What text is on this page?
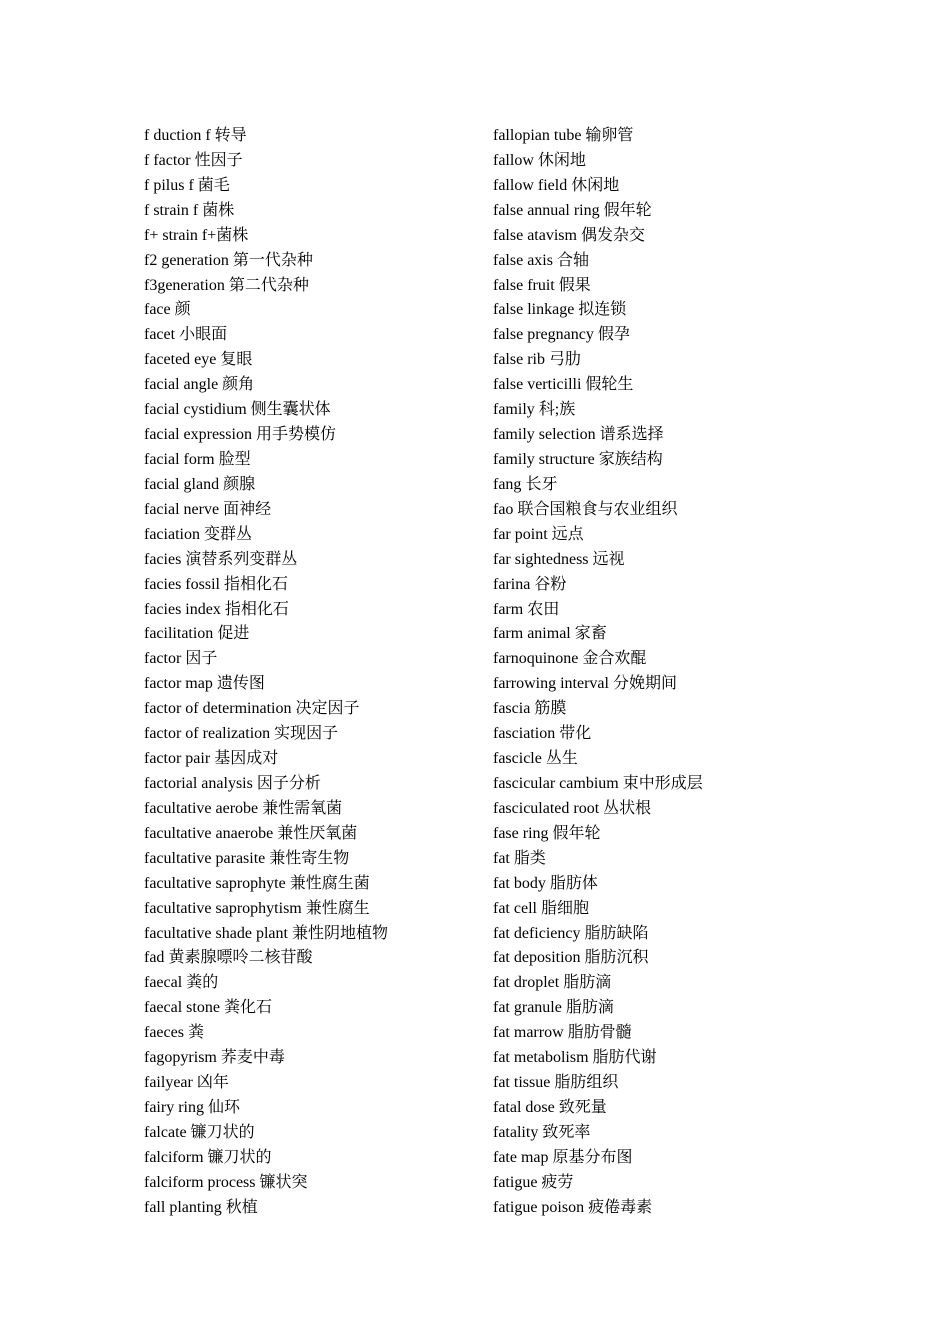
f duction f 转导
f factor 性因子
f pilus f 菌毛
f strain f 菌株
f+ strain f+菌株
f2 generation 第一代杂种
f3generation 第二代杂种
face 颜
facet 小眼面
faceted eye 复眼
facial angle 颜角
facial cystidium 侧生囊状体
facial expression 用手势模仿
facial form 脸型
facial gland 颜腺
facial nerve 面神经
faciation 变群丛
facies 演替系列变群丛
facies fossil 指相化石
facies index 指相化石
facilitation 促进
factor 因子
factor map 遗传图
factor of determination 决定因子
factor of realization 实现因子
factor pair 基因成对
factorial analysis 因子分析
facultative aerobe 兼性需氧菌
facultative anaerobe 兼性厌氧菌
facultative parasite 兼性寄生物
facultative saprophyte 兼性腐生菌
facultative saprophytism 兼性腐生
facultative shade plant 兼性阴地植物
fad 黄素腺嘌呤二核苷酸
faecal 粪的
faecal stone 粪化石
faeces 粪
fagopyrism 荞麦中毒
failyear 凶年
fairy ring 仙环
falcate 镰刀状的
falciform 镰刀状的
falciform process 镰状突
fall planting 秋植
fallopian tube 输卵管
fallow 休闲地
fallow field 休闲地
false annual ring 假年轮
false atavism 偶发杂交
false axis 合轴
false fruit 假果
false linkage 拟连锁
false pregnancy 假孕
false rib 弓肋
false verticilli 假轮生
family 科;族
family selection 谱系选择
family structure 家族结构
fang 长牙
fao 联合国粮食与农业组织
far point 远点
far sightedness 远视
farina 谷粉
farm 农田
farm animal 家畜
farnoquinone 金合欢醌
farrowing interval 分娩期间
fascia 筋膜
fasciation 带化
fascicle 丛生
fascicular cambium 束中形成层
fasciculated root 丛状根
fase ring 假年轮
fat 脂类
fat body 脂肪体
fat cell 脂细胞
fat deficiency 脂肪缺陷
fat deposition 脂肪沉积
fat droplet 脂肪滴
fat granule 脂肪滴
fat marrow 脂肪骨髓
fat metabolism 脂肪代谢
fat tissue 脂肪组织
fatal dose 致死量
fatality 致死率
fate map 原基分布图
fatigue 疲劳
fatigue poison 疲倦毒素
